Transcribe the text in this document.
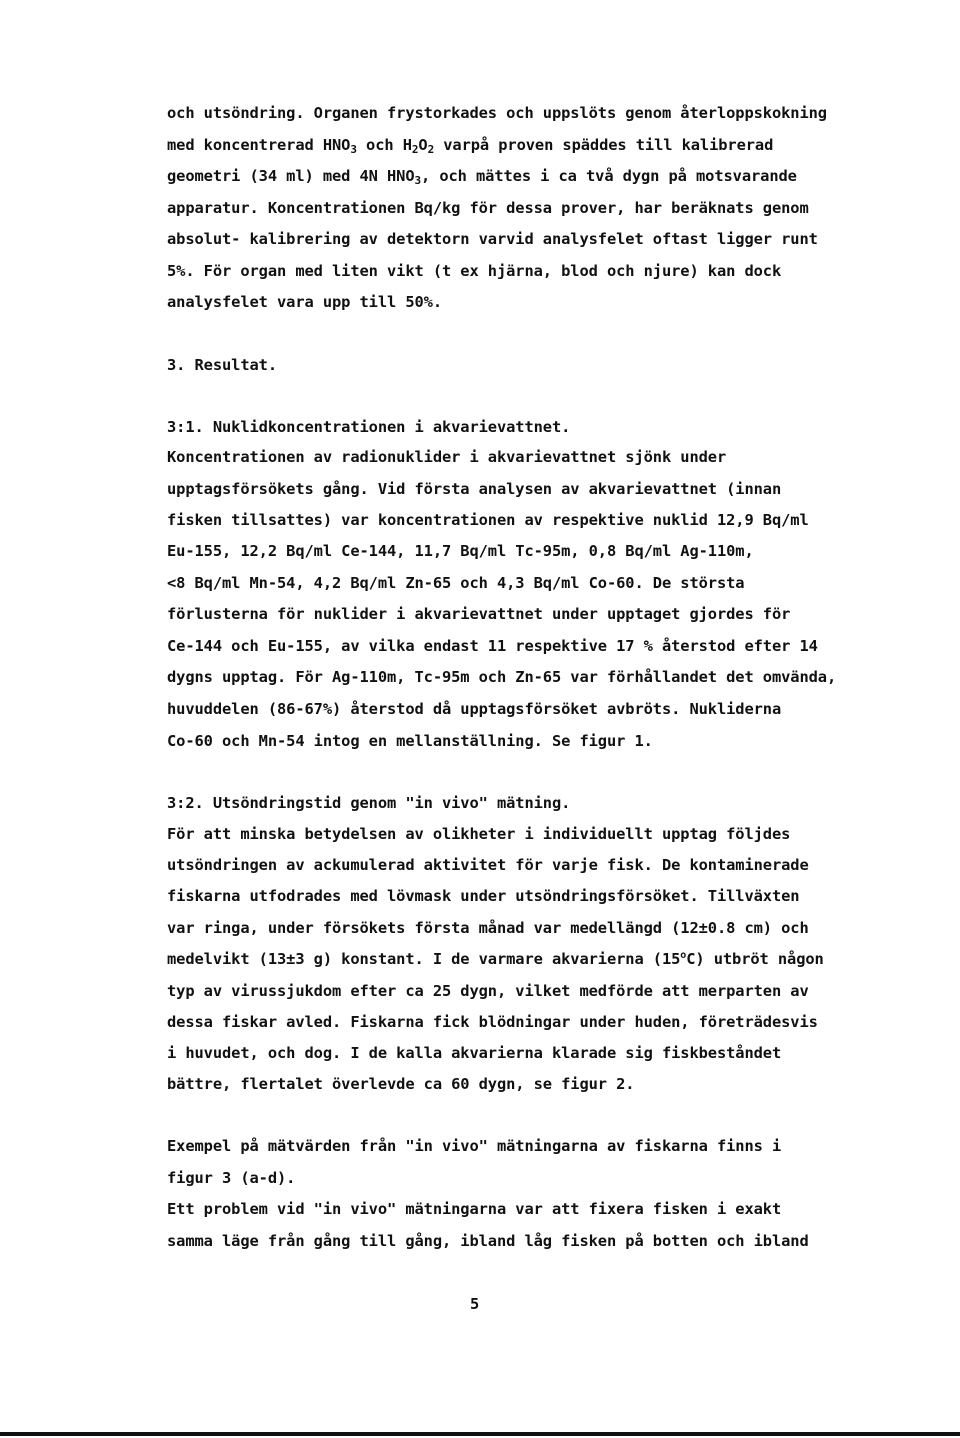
och utsöndring. Organen frystorkades och uppslöts genom återloppskokning
med koncentrerad $HNO_3$ och $H_2O_2$ varpå proven späddes till kalibrerad
geometri (34 ml) med 4N $HNO_3$, och mättes i ca två dygn på motsvarande
apparatur. Koncentrationen Bq/kg för dessa prover, har beräknats genom
absolut- kalibrering av detektorn varvid analysfelet oftast ligger runt
5%. För organ med liten vikt (t ex hjärna, blod och njure) kan dock
analysfelet vara upp till 50%.
3. Resultat.
3:1. Nuklidkoncentrationen i akvarievattnet.
Koncentrationen av radionuklider i akvarievattnet sjönk under
upptagsförsökets gång. Vid första analysen av akvarievattnet (innan
fisken tillsattes) var koncentrationen av respektive nuklid 12,9 Bq/ml
Eu-155, 12,2 Bq/ml Ce-144, 11,7 Bq/ml Tc-95m, 0,8 Bq/ml Ag-110m,
<8 Bq/ml Mn-54, 4,2 Bq/ml Zn-65 och 4,3 Bq/ml Co-60. De största
förlusterna för nuklider i akvarievattnet under upptaget gjordes för
Ce-144 och Eu-155, av vilka endast 11 respektive 17 % återstod efter 14
dygns upptag. För Ag-110m, Tc-95m och Zn-65 var förhållandet det omvända,
huvuddelen (86-67%) återstod då upptagsförsöket avbröts. Nukliderna
Co-60 och Mn-54 intog en mellanställning. Se figur 1.
3:2. Utsöndringstid genom "in vivo" mätning.
För att minska betydelsen av olikheter i individuellt upptag följdes
utsöndringen av ackumulerad aktivitet för varje fisk. De kontaminerade
fiskarna utfodrades med lövmask under utsöndringsförsöket. Tillväxten
var ringa, under försökets första månad var medellängd (12±0.8 cm) och
medelvikt (13±3 g) konstant. I de varmare akvarierna (15$^o$C) utbröt någon
typ av virussjukdom efter ca 25 dygn, vilket medförde att merparten av
dessa fiskar avled. Fiskarna fick blödningar under huden, företrädesvis
i huvudet, och dog. I de kalla akvarierna klarade sig fiskbeståndet
bättre, flertalet överlevde ca 60 dygn, se figur 2.
Exempel på mätvärden från "in vivo" mätningarna av fiskarna finns i
figur 3 (a-d).
Ett problem vid "in vivo" mätningarna var att fixera fisken i exakt
samma läge från gång till gång, ibland låg fisken på botten och ibland
5
